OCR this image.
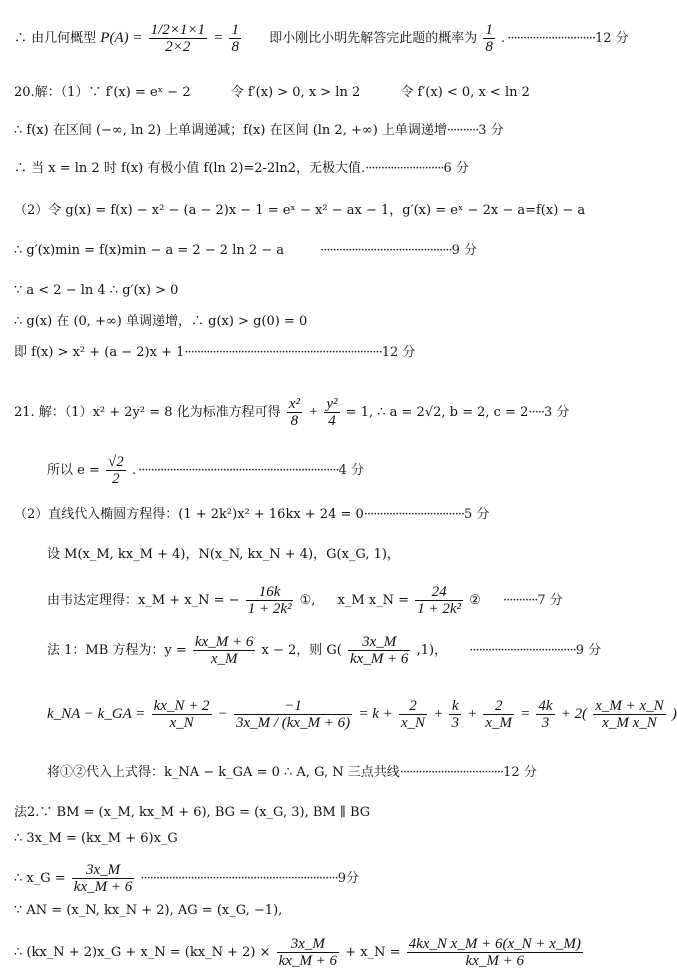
∴ 由几何概型 $P(A) = \frac{1/2\times 1\times 1}{2\times 2} = \frac{1}{8}$ 即小刚比小明先解答完此题的概率为 $\frac{1}{8}$ . ····························12 分
20.解：（1）∵ f′(x) = eˣ − 2	令 f′(x) > 0, x > ln 2	令 f′(x) < 0, x < ln 2
∴ f(x) 在区间 (−∞, ln 2) 上单调递减；f(x) 在区间 (ln 2, +∞) 上单调递增··········3 分
∴ 当 x = ln 2 时 f(x) 有极小值 f(ln 2)=2-2ln2，无极大值.·························6 分
（2）令 g(x) = f(x) − x² − (a − 2)x − 1 = eˣ − x² − ax − 1，g′(x) = eˣ − 2x − a=f(x) − a
∴ g′(x)min = f(x)min − a = 2 − 2 ln 2 − a	··········································9 分
∵ a < 2 − ln 4 ∴ g′(x) > 0
∴ g(x) 在 (0, +∞) 单调递增，∴ g(x) > g(0) = 0
即 f(x) > x² + (a − 2)x + 1·······························································12 分
21. 解：（1）x² + 2y² = 8 化为标准方程可得 $\frac{\text{x²}}{8} + \frac{\text{y²}}{4} = 1$, ∴ a = 2√2, b = 2, c = 2·····3 分
所以 $e = \frac{√2}{2}$ . ································································4 分
（2）直线代入椭圆方程得：(1 + 2k²)x² + 16kx + 24 = 0································5 分
设 M(x_M, kx_M + 4)，N(x_N, kx_N + 4)，G(x_G, 1)，
由韦达定理得：x_M + x_N = − $\frac{16k}{\text{1 + 2k²}}$ ①, x_M x_N = $\frac{24}{\text{1 + 2k²}}$ ② ···········7 分
法 1：MB 方程为：$y = \frac{kx\_M + 6}{x\_M}$ x − 2，则 $G( \frac{3x\_M}{kx\_M + 6} ,1)$， ··································9 分
k_NA − k_GA = $\frac{kx\_N + 2}{x\_N} - \frac{-1}{3x\_M / (kx\_M + 6)} = k + \frac{2}{x\_N} + \frac{k}{3} + \frac{2}{x\_M} = \frac{4k}{3} + 2( \frac{x\_M + x\_N}{\text{x\_M x\_N}}$ )
将①②代入上式得：k_NA − k_GA = 0 ∴ A, G, N 三点共线·································12 分
法2.∵ BM = (x_M, kx_M + 6), BG = (x_G, 3), BM ∥ BG
∴ 3x_M = (kx_M + 6)x_G
∴ x_G = $\frac{3x\_M}{kx\_M + 6} \cdot\cdot\cdot\cdot\cdot\cdot\cdot\cdot\cdot\cdot\cdot\cdot\cdot\cdot\cdot\cdot\cdot\cdot\cdot\cdot\cdot\cdot\cdot\cdot\cdot\cdot\cdot\cdot\cdot\cdot\cdot\cdot\cdot\cdot\cdot\cdot\cdot\cdot\cdot\cdot\cdot\cdot\cdot\cdot\cdot\cdot\cdot\cdot\cdot\cdot\cdot\cdot\cdot\cdot\cdot\cdot\cdot\cdot\cdot\cdot\cdot\cdot\cdot 9$分
∵ AN = (x_N, kx_N + 2), AG = (x_G, −1),
∴ (kx_N + 2)x_G + x_N = (kx_N + $2) \times \frac{3x\_M}{kx\_M + 6}$ + x_N = $\frac{\text{4kx\_N x\_M + 6(x\_N + x\_M)}}{kx\_M + 6}$
